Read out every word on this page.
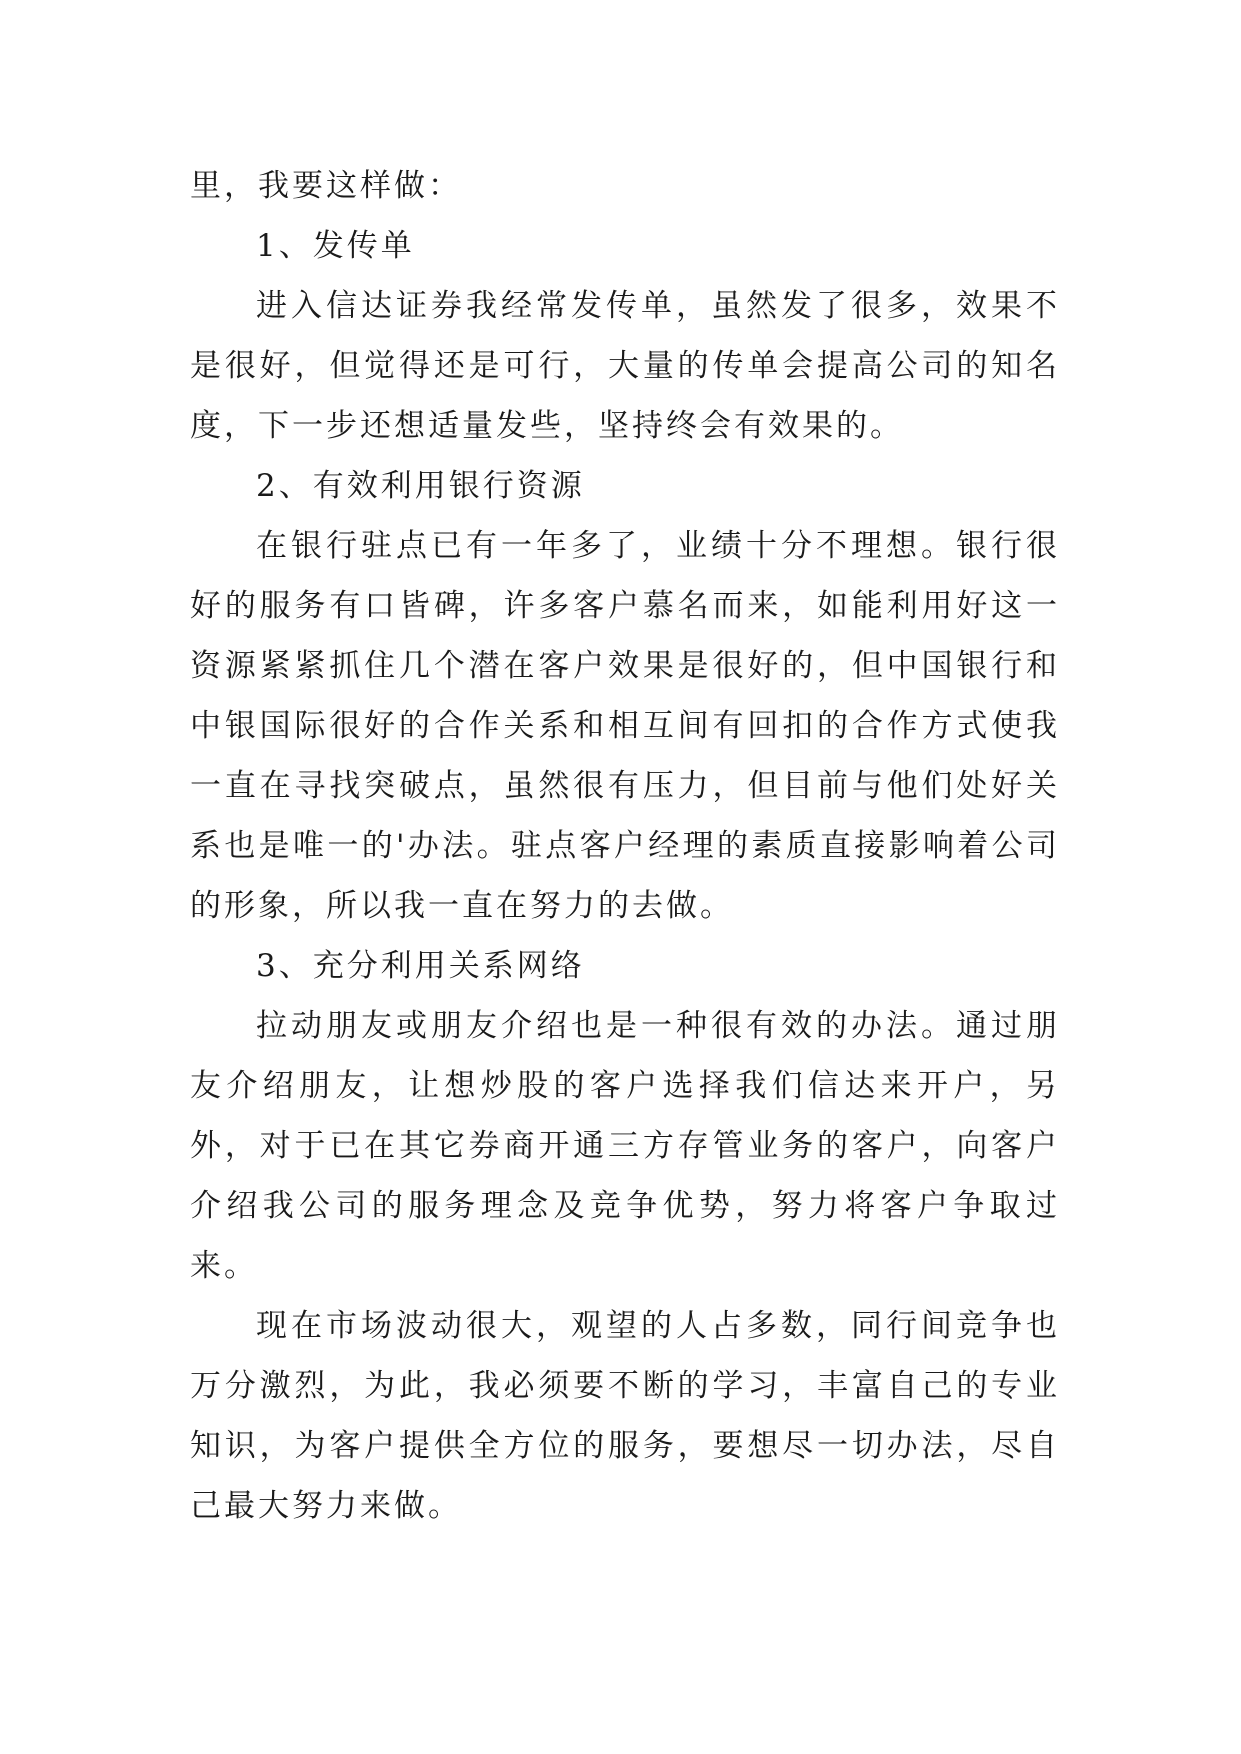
里，我要这样做：

1、发传单

进入信达证券我经常发传单，虽然发了很多，效果不是很好，但觉得还是可行，大量的传单会提高公司的知名度，下一步还想适量发些，坚持终会有效果的。

2、有效利用银行资源

在银行驻点已有一年多了，业绩十分不理想。银行很好的服务有口皆碑，许多客户慕名而来，如能利用好这一资源紧紧抓住几个潜在客户效果是很好的，但中国银行和中银国际很好的合作关系和相互间有回扣的合作方式使我一直在寻找突破点，虽然很有压力，但目前与他们处好关系也是唯一的'办法。驻点客户经理的素质直接影响着公司的形象，所以我一直在努力的去做。

3、充分利用关系网络

拉动朋友或朋友介绍也是一种很有效的办法。通过朋友介绍朋友，让想炒股的客户选择我们信达来开户，另外，对于已在其它券商开通三方存管业务的客户，向客户介绍我公司的服务理念及竞争优势，努力将客户争取过来。

现在市场波动很大，观望的人占多数，同行间竞争也万分激烈，为此，我必须要不断的学习，丰富自己的专业知识，为客户提供全方位的服务，要想尽一切办法，尽自己最大努力来做。
